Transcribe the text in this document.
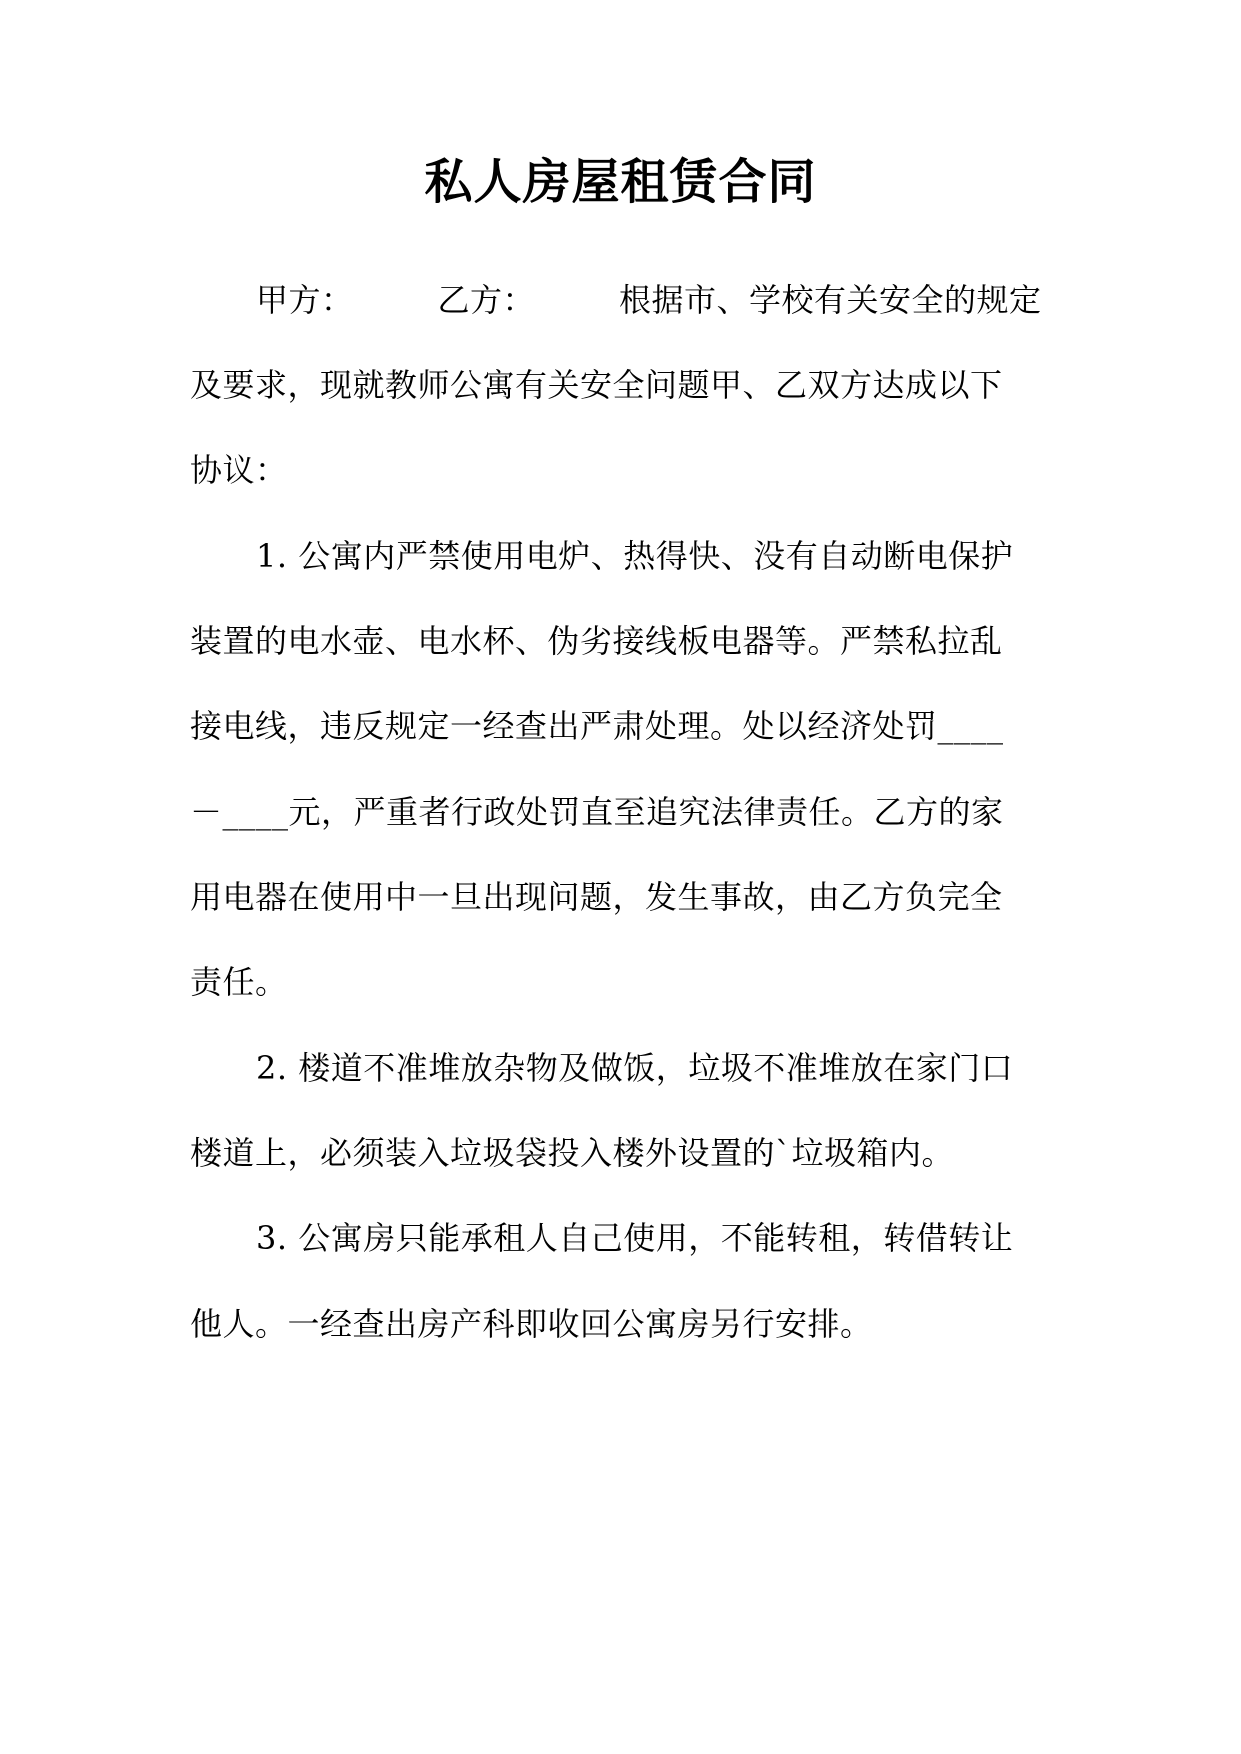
私人房屋租赁合同
甲方：	乙方：	根据市、学校有关安全的规定
及要求，现就教师公寓有关安全问题甲、乙双方达成以下
协议：
1. 公寓内严禁使用电炉、热得快、没有自动断电保护
装置的电水壶、电水杯、伪劣接线板电器等。严禁私拉乱
接电线，违反规定一经查出严肃处理。处以经济处罚____
－____元，严重者行政处罚直至追究法律责任。乙方的家
用电器在使用中一旦出现问题，发生事故，由乙方负完全
责任。
2. 楼道不准堆放杂物及做饭，垃圾不准堆放在家门口
楼道上，必须装入垃圾袋投入楼外设置的`垃圾箱内。
3. 公寓房只能承租人自己使用，不能转租，转借转让
他人。一经查出房产科即收回公寓房另行安排。
